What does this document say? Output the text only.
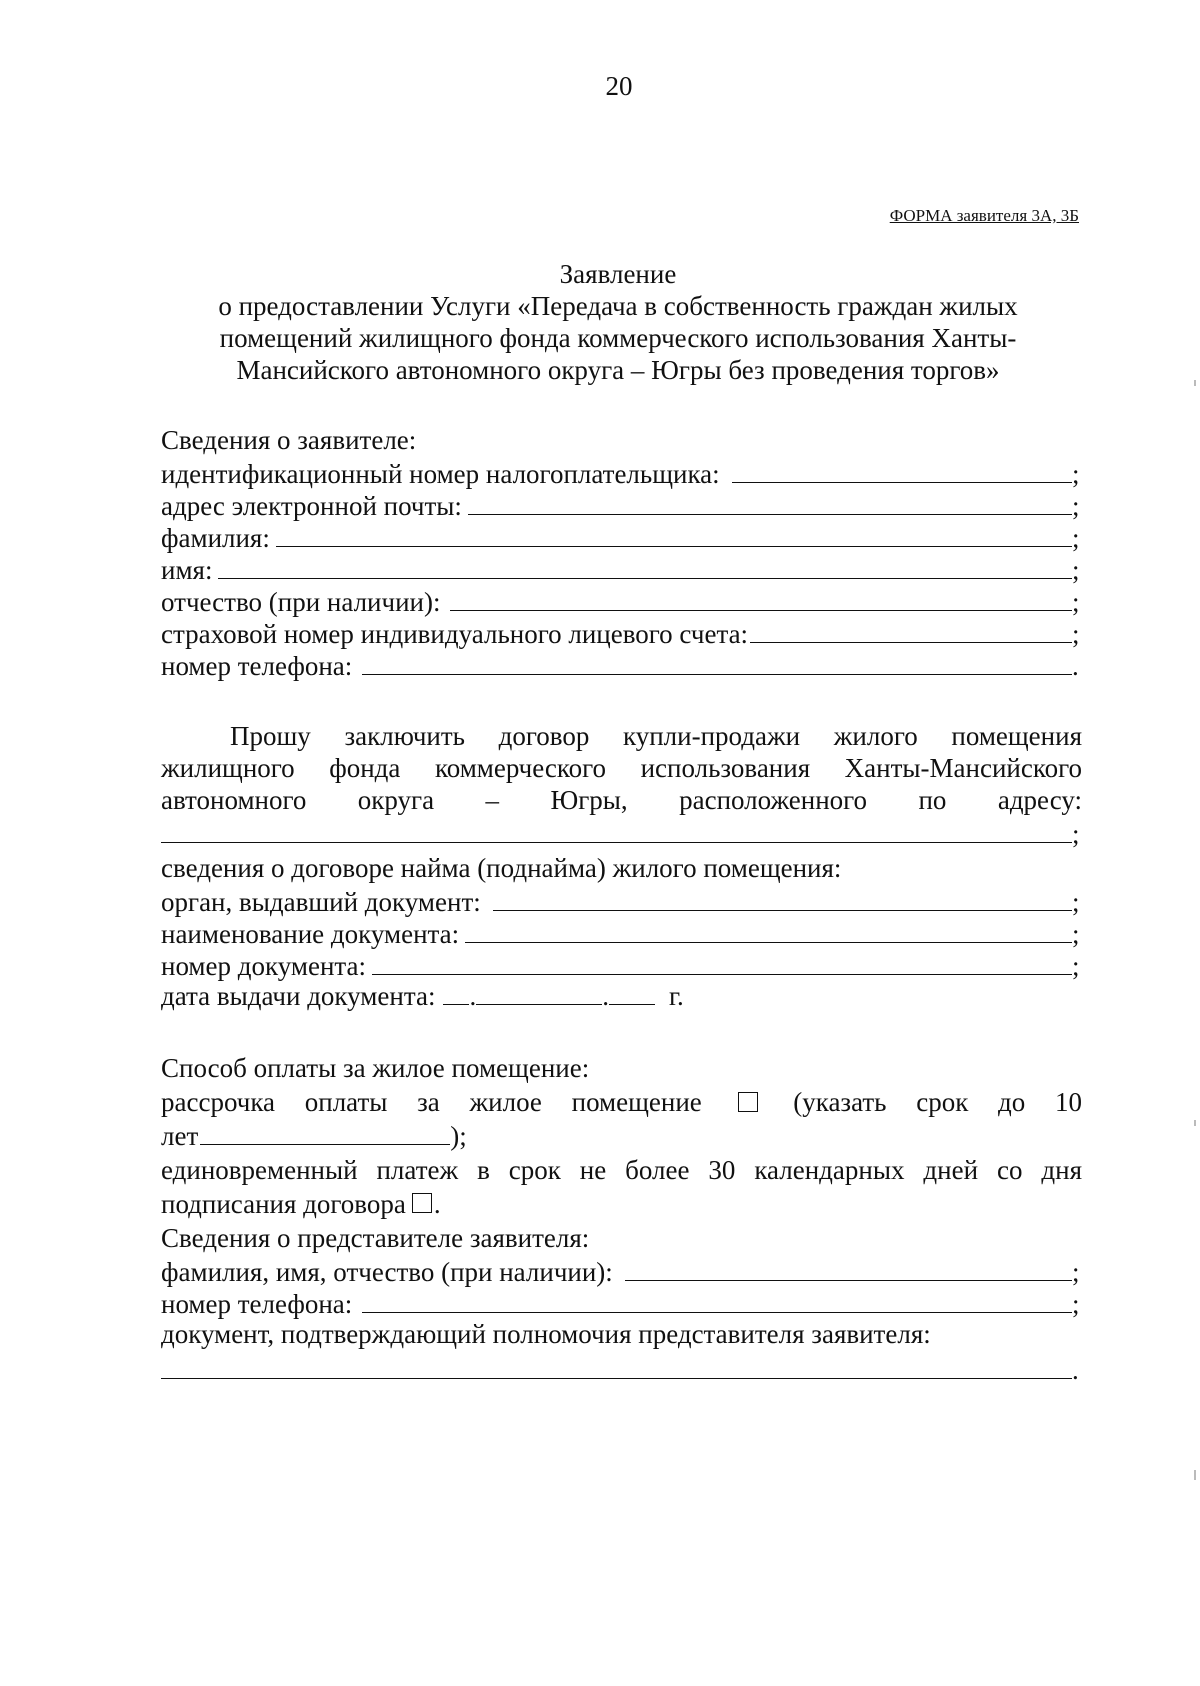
20
ФОРМА заявителя 3А, 3Б
Заявление
о предоставлении Услуги «Передача в собственность граждан жилых
помещений жилищного фонда коммерческого использования Ханты-
Мансийского автономного округа – Югры без проведения торгов»
Сведения о заявителе:
идентификационный номер налогоплательщика:	;
адрес электронной почты:	;
фамилия:	;
имя:	;
отчество (при наличии):	;
страховой номер индивидуального лицевого счета:	;
номер телефона:	.
Прошу заключить договор купли-продажи жилого помещения
жилищного фонда коммерческого использования Ханты-Мансийского
автономного округа – Югры, расположенного по адресу:
;
сведения о договоре найма (поднайма) жилого помещения:
орган, выдавший документ:	;
наименование документа:	;
номер документа:	;
дата выдачи документа: .	. г.
Способ оплаты за жилое помещение:
рассрочка оплаты за жилое помещение	(указать срок до 10
лет	);
единовременный платеж в срок не более 30 календарных дней со дня
подписания договора .
Сведения о представителе заявителя:
фамилия, имя, отчество (при наличии):	;
номер телефона:	;
документ, подтверждающий полномочия представителя заявителя:
.
